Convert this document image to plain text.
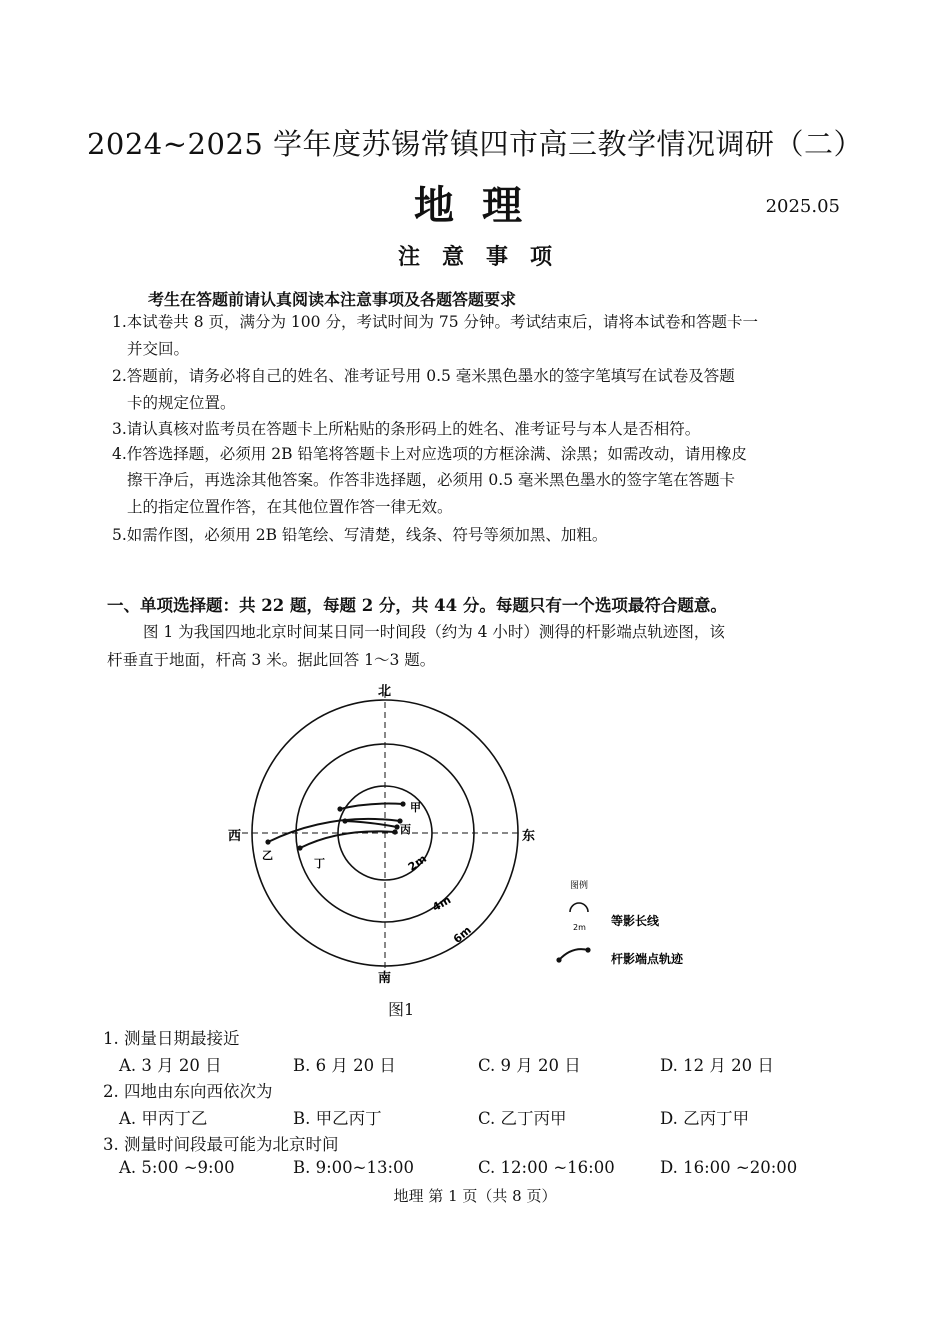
2024~2025 学年度苏锡常镇四市高三教学情况调研（二）
地理	2025.05
注意事项
考生在答题前请认真阅读本注意事项及各题答题要求
1.本试卷共 8 页，满分为 100 分，考试时间为 75 分钟。考试结束后，请将本试卷和答题卡一
并交回。
2.答题前，请务必将自己的姓名、准考证号用 0.5 毫米黑色墨水的签字笔填写在试卷及答题
卡的规定位置。
3.请认真核对监考员在答题卡上所粘贴的条形码上的姓名、准考证号与本人是否相符。
4.作答选择题，必须用 2B 铅笔将答题卡上对应选项的方框涂满、涂黑；如需改动，请用橡皮
擦干净后，再选涂其他答案。作答非选择题，必须用 0.5 毫米黑色墨水的签字笔在答题卡
上的指定位置作答，在其他位置作答一律无效。
5.如需作图，必须用 2B 铅笔绘、写清楚，线条、符号等须加黑、加粗。
一、单项选择题：共 22 题，每题 2 分，共 44 分。每题只有一个选项最符合题意。
图 1 为我国四地北京时间某日同一时间段（约为 4 小时）测得的杆影端点轨迹图，该
杆垂直于地面，杆高 3 米。据此回答 1～3 题。
北
南
西	东
甲
乙
丙
丁	2m
4m
6m
图例
2m 等影长线
杆影端点轨迹
图1
1. 测量日期最接近
A. 3 月 20 日	B. 6 月 20 日	C. 9 月 20 日	D. 12 月 20 日
2. 四地由东向西依次为
A. 甲丙丁乙	B. 甲乙丙丁	C. 乙丁丙甲	D. 乙丙丁甲
3. 测量时间段最可能为北京时间
A. 5:00 ~9:00	B. 9:00~13:00	C. 12:00 ~16:00	D. 16:00 ~20:00
地理 第 1 页（共 8 页）
